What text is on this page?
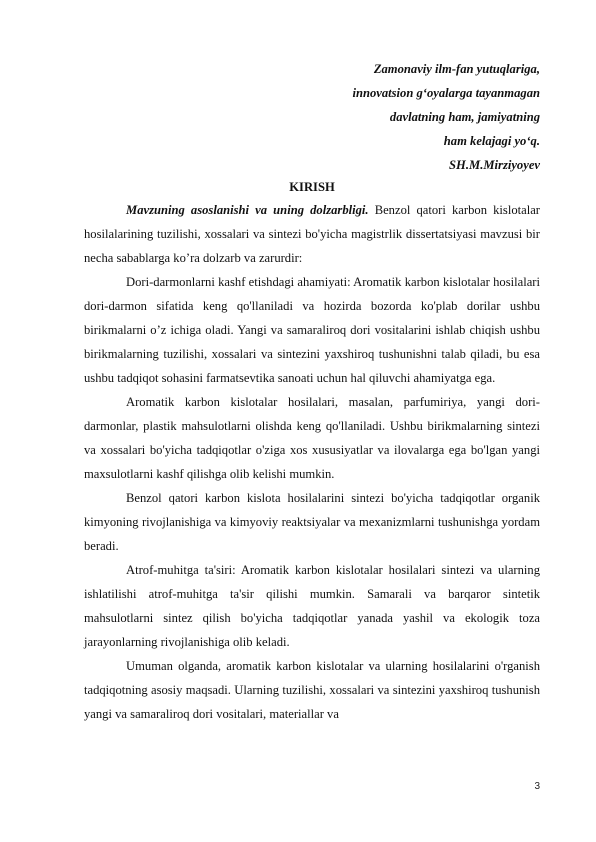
Zamonaviy ilm-fan yutuqlariga,
innovatsion g‘oyalarga tayanmagan
davlatning ham, jamiyatning
ham kelajagi yo‘q.
SH.M.Mirziyoyev
KIRISH

Mavzuning asoslanishi va uning dolzarbligi. Benzol qatori karbon kislotalar hosilalarining tuzilishi, xossalari va sintezi bo'yicha magistrlik dissertatsiyasi mavzusi bir necha sabablarga ko’ra dolzarb va zarurdir:

Dori-darmonlarni kashf etishdagi ahamiyati: Aromatik karbon kislotalar hosilalari dori-darmon sifatida keng qo'llaniladi va hozirda bozorda ko'plab dorilar ushbu birikmalarni o’z ichiga oladi. Yangi va samaraliroq dori vositalarini ishlab chiqish ushbu birikmalarning tuzilishi, xossalari va sintezini yaxshiroq tushunishni talab qiladi, bu esa ushbu tadqiqot sohasini farmatsevtika sanoati uchun hal qiluvchi ahamiyatga ega.

Aromatik karbon kislotalar hosilalari, masalan, parfumiriya, yangi dori-darmonlar, plastik mahsulotlarni olishda keng qo'llaniladi. Ushbu birikmalarning sintezi va xossalari bo'yicha tadqiqotlar o'ziga xos xususiyatlar va ilovalarga ega bo'lgan yangi maxsulotlarni kashf qilishga olib kelishi mumkin.

Benzol qatori karbon kislota hosilalarini sintezi bo'yicha tadqiqotlar organik kimyoning rivojlanishiga va kimyoviy reaktsiyalar va mexanizmlarni tushunishga yordam beradi.

Atrof-muhitga ta'siri: Aromatik karbon kislotalar hosilalari sintezi va ularning ishlatilishi atrof-muhitga ta'sir qilishi mumkin. Samarali va barqaror sintetik mahsulotlarni sintez qilish bo'yicha tadqiqotlar yanada yashil va ekologik toza jarayonlarning rivojlanishiga olib keladi.

Umuman olganda, aromatik karbon kislotalar va ularning hosilalarini o'rganish tadqiqotning asosiy maqsadi. Ularning tuzilishi, xossalari va sintezini yaxshiroq tushunish yangi va samaraliroq dori vositalari, materiallar va

3
